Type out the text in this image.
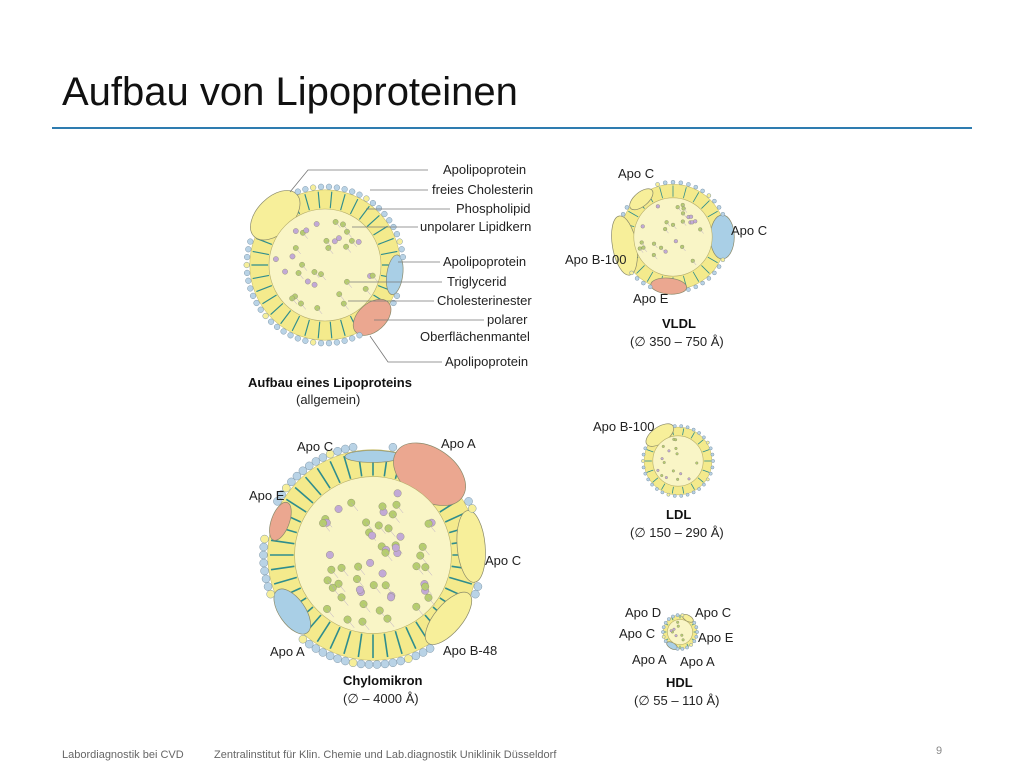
Aufbau von Lipoproteinen
Apolipoprotein
freies Cholesterin
Phospholipid
unpolarer Lipidkern
Apolipoprotein
Triglycerid
Cholesterinester
polarer
Oberflächenmantel
Apolipoprotein
Aufbau eines Lipoproteins
(allgemein)
Apo C
Apo C
Apo B-100
Apo E
VLDL
(∅ 350 – 750 Å)
Apo B-100
LDL
(∅ 150 – 290 Å)
Apo C	Apo A
Apo E
Apo C
Apo A	Apo B-48
Chylomikron
(∅ – 4000 Å)
Apo D	Apo C
Apo C	Apo E
Apo A Apo A
HDL
(∅ 55 – 110 Å)
Labordiagnostik bei CVD	Zentralinstitut für Klin. Chemie und Lab.diagnostik Uniklinik Düsseldorf	9
